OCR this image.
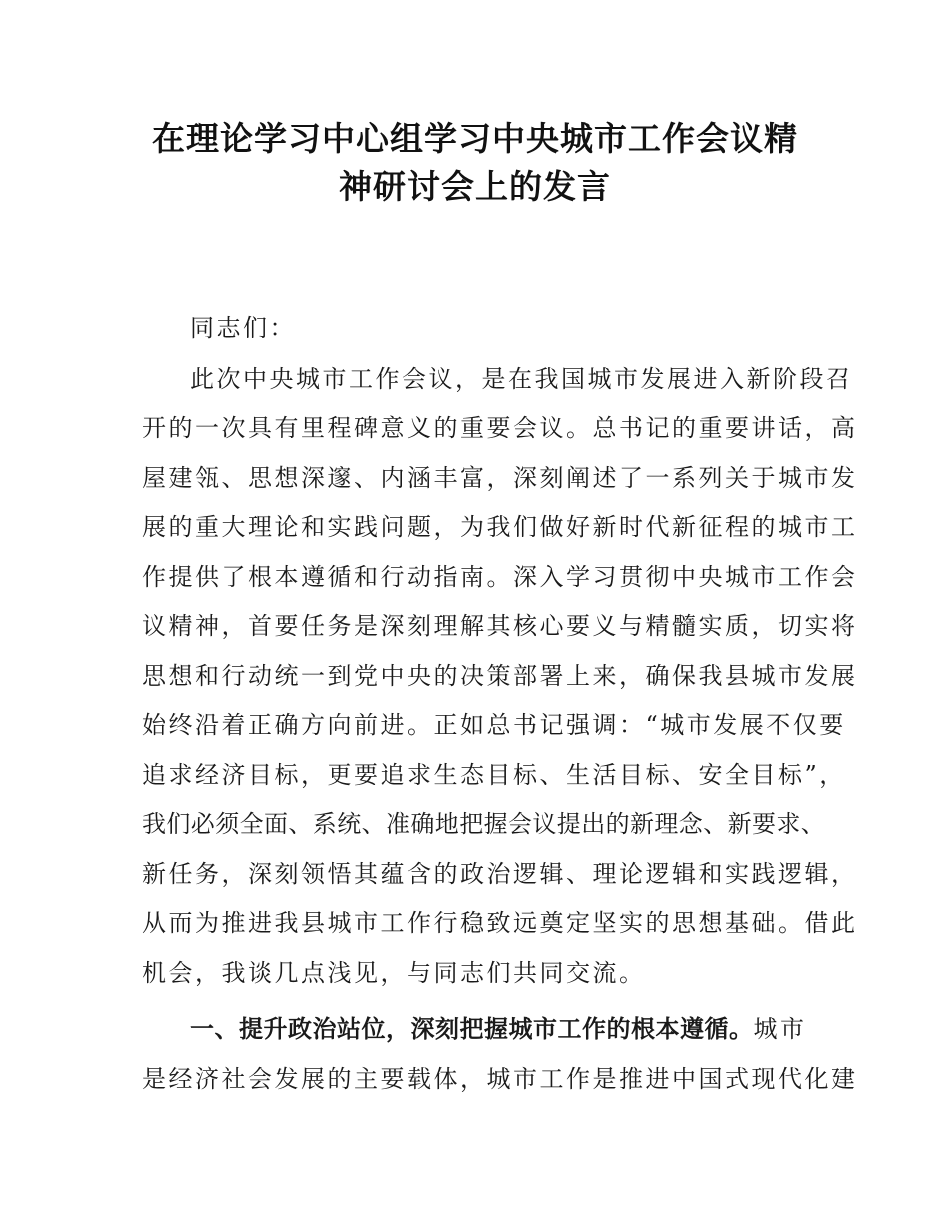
在理论学习中心组学习中央城市工作会议精
神研讨会上的发言
同志们：
此次中央城市工作会议，是在我国城市发展进入新阶段召
开的一次具有里程碑意义的重要会议。总书记的重要讲话，高
屋建瓴、思想深邃、内涵丰富，深刻阐述了一系列关于城市发
展的重大理论和实践问题，为我们做好新时代新征程的城市工
作提供了根本遵循和行动指南。深入学习贯彻中央城市工作会
议精神，首要任务是深刻理解其核心要义与精髓实质，切实将
思想和行动统一到党中央的决策部署上来，确保我县城市发展
始终沿着正确方向前进。正如总书记强调：“城市发展不仅要
追求经济目标，更要追求生态目标、生活目标、安全目标”，
我们必须全面、系统、准确地把握会议提出的新理念、新要求、
新任务，深刻领悟其蕴含的政治逻辑、理论逻辑和实践逻辑，
从而为推进我县城市工作行稳致远奠定坚实的思想基础。借此
机会，我谈几点浅见，与同志们共同交流。
一、提升政治站位，深刻把握城市工作的根本遵循。城市
是经济社会发展的主要载体，城市工作是推进中国式现代化建
